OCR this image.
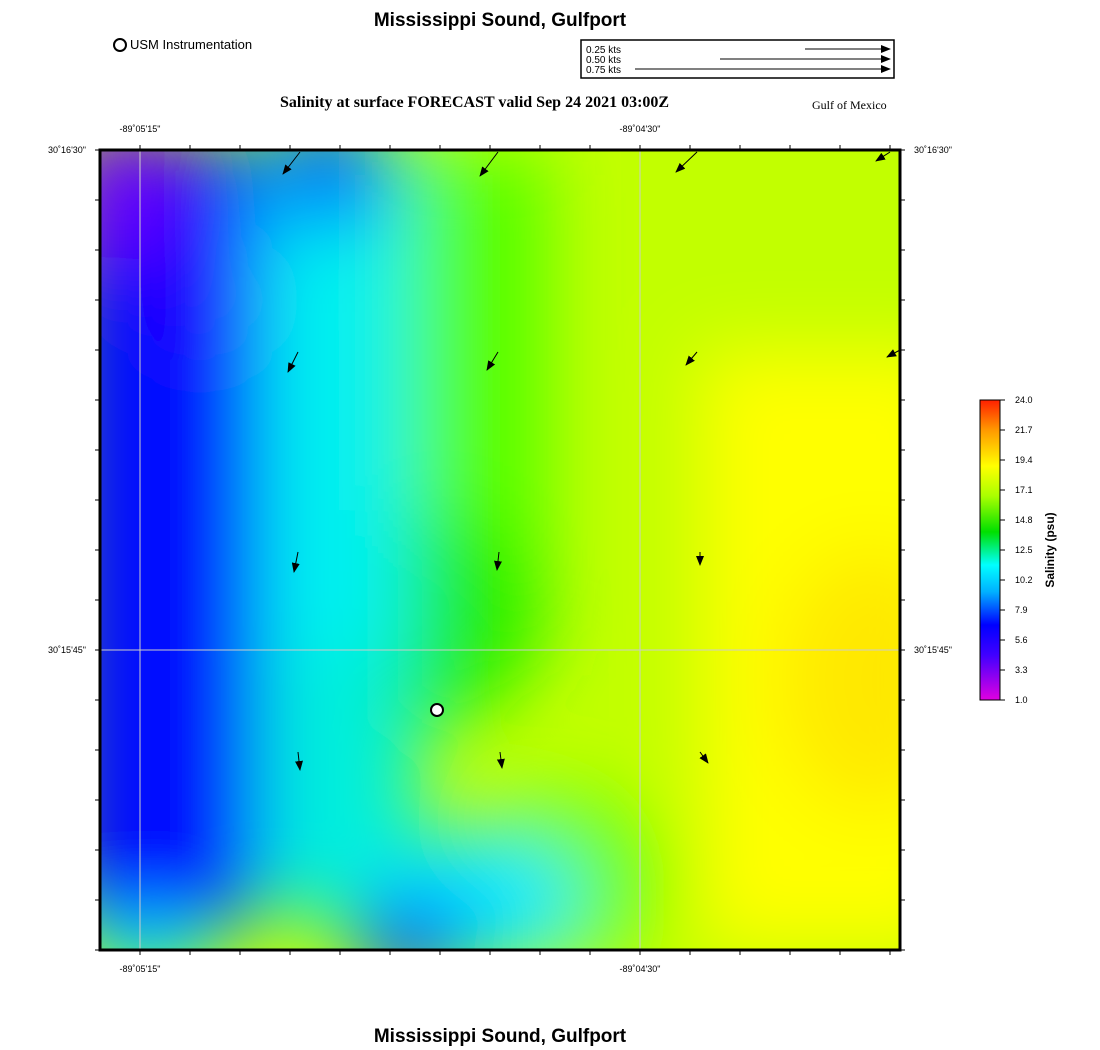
Mississippi Sound, Gulfport
USM Instrumentation
Salinity at surface FORECAST valid Sep 24 2021 03:00Z	Gulf of Mexico
0.25 kts
0.50 kts
0.75 kts
-89˚05'15"	-89˚04'30"
-89˚05'15"	-89˚04'30"
30˚16'30"
30˚15'45"
30˚16'30"
30˚15'45"
24.0
21.7
19.4
17.1
14.8
12.5
10.2
7.9
5.6
3.3
1.0
Salinity (psu)
Mississippi Sound, Gulfport
